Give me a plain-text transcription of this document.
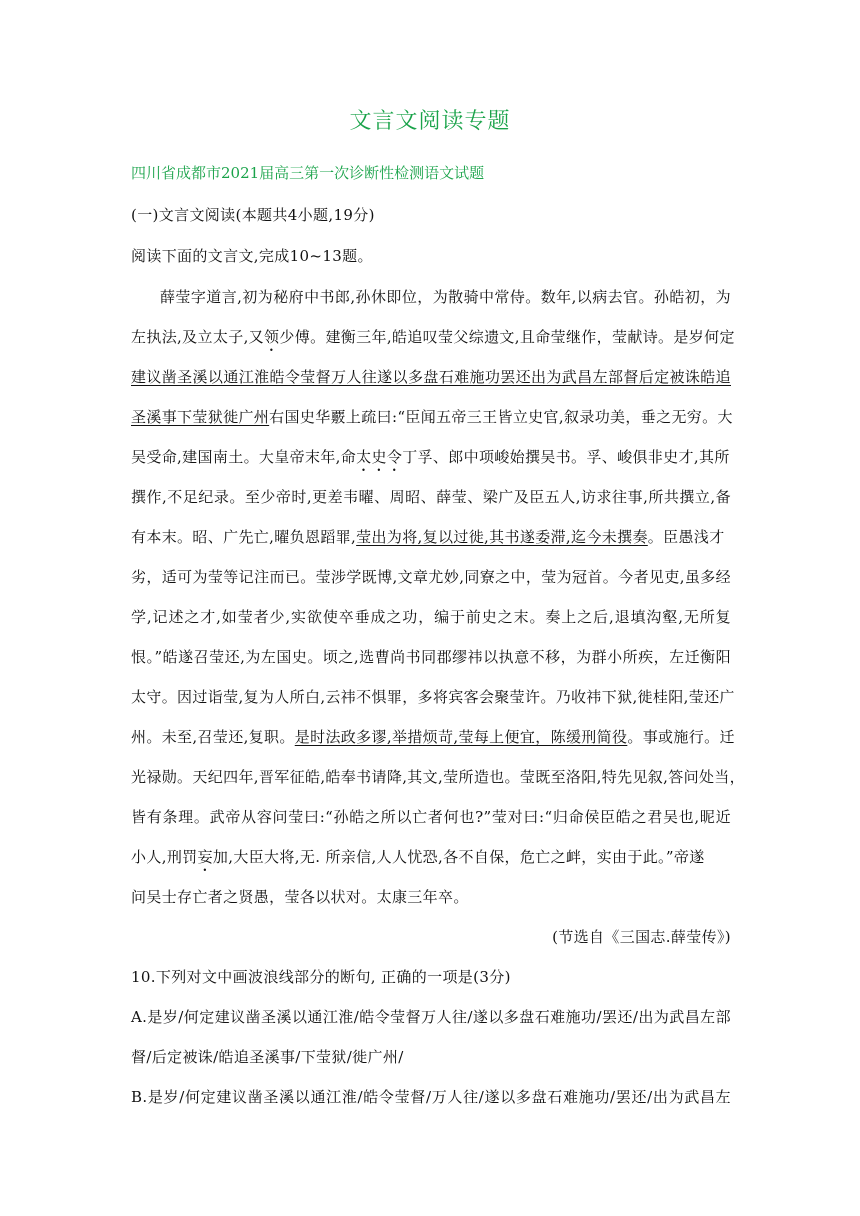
文言文阅读专题
四川省成都市2021届高三第一次诊断性检测语文试题
(一)文言文阅读(本题共4小题,19分)
阅读下面的文言文,完成10~13题。
薛莹字道言,初为秘府中书郎,孙休即位，为散骑中常侍。数年,以病去官。孙皓初，为
左执法,及立太子,又领少傅。建衡三年,皓追叹莹父综遗文,且命莹继作，莹献诗。是岁何定
建议凿圣溪以通江淮皓令莹督万人往遂以多盘石难施功罢还出为武昌左部督后定被诛皓追
圣溪事下莹狱徙广州右国史华覈上疏曰:“臣闻五帝三王皆立史官,叙录功美，垂之无穷。大
吴受命,建国南土。大皇帝末年,命太史令丁孚、郎中项峻始撰吴书。孚、峻俱非史才,其所
撰作,不足纪录。至少帝时,更差韦曜、周昭、薛莹、梁广及臣五人,访求往事,所共撰立,备
有本末。昭、广先亡,曜负恩蹈罪,莹出为将,复以过徙,其书遂委滞,迄今未撰奏。臣愚浅才
劣，适可为莹等记注而已。莹涉学既博,文章尤妙,同寮之中，莹为冠首。今者见吏,虽多经
学,记述之才,如莹者少,实欲使卒垂成之功，编于前史之末。奏上之后,退填沟壑,无所复
恨。”皓遂召莹还,为左国史。顷之,选曹尚书同郡缪祎以执意不移，为群小所疾，左迁衡阳
太守。因过诣莹,复为人所白,云祎不惧罪，多将宾客会聚莹许。乃收祎下狱,徙桂阳,莹还广
州。未至,召莹还,复职。是时法政多谬,举措烦苛,莹每上便宜，陈缓刑简役。事或施行。迁
光禄勋。天纪四年,晋军征皓,皓奉书请降,其文,莹所造也。莹既至洛阳,特先见叙,答问处当，
皆有条理。武帝从容问莹曰:“孙皓之所以亡者何也?”莹对曰:“归命侯臣皓之君吴也,昵近
小人,刑罚妄加,大臣大将,无. 所亲信,人人忧恐,各不自保，危亡之衅，实由于此。”帝遂
问吴士存亡者之贤愚，莹各以状对。太康三年卒。
(节选自《三国志.薛莹传》)
10.下列对文中画波浪线部分的断句, 正确的一项是(3分)
A.是岁/何定建议凿圣溪以通江淮/皓令莹督万人往/遂以多盘石难施功/罢还/出为武昌左部
督/后定被诛/皓追圣溪事/下莹狱/徙广州/
B.是岁/何定建议凿圣溪以通江淮/皓令莹督/万人往/遂以多盘石难施功/罢还/出为武昌左
